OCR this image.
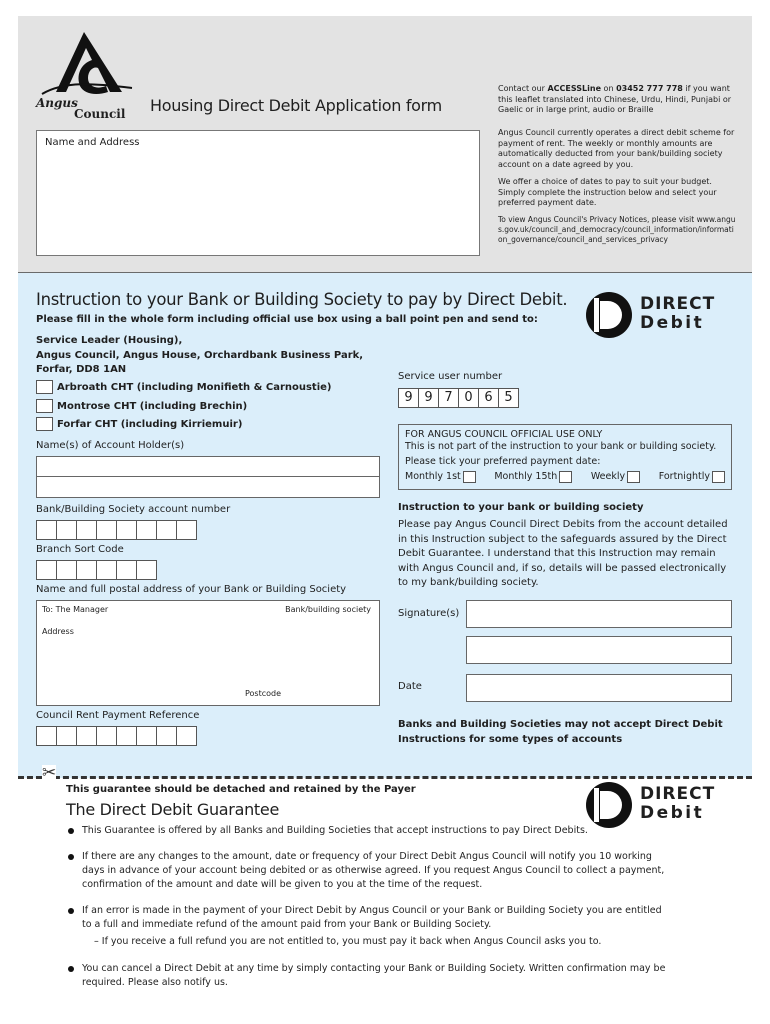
Angus
Council Housing Direct Debit Application form
Name and Address
Contact our ACCESSLine on 03452 777 778 if you want this leaflet translated into Chinese, Urdu, Hindi, Punjabi or Gaelic or in large print, audio or Braille
Angus Council currently operates a direct debit scheme for payment of rent. The weekly or monthly amounts are automatically deducted from your bank/building society account on a date agreed by you.
We offer a choice of dates to pay to suit your budget. Simply complete the instruction below and select your preferred payment date.
To view Angus Council's Privacy Notices, please visit www.angus.gov.uk/council_and_democracy/council_information/information_governance/council_and_services_privacy
Instruction to your Bank or Building Society to pay by Direct Debit.
Please fill in the whole form including official use box using a ball point pen and send to:
DIRECT
Debit
Service Leader (Housing),
Angus Council, Angus House, Orchardbank Business Park,
Forfar, DD8 1AN
Arbroath CHT (including Monifieth & Carnoustie)
Montrose CHT (including Brechin)
Forfar CHT (including Kirriemuir)
Name(s) of Account Holder(s)
Bank/Building Society account number
Branch Sort Code
Name and full postal address of your Bank or Building Society
To: The Manager	Bank/building society
Address
Postcode
Council Rent Payment Reference
Service user number
9 9 7 0 6 5
FOR ANGUS COUNCIL OFFICIAL USE ONLY
This is not part of the instruction to your bank or building society.
Please tick your preferred payment date:
Monthly 1st	Monthly 15th	Weekly	Fortnightly
Instruction to your bank or building society
Please pay Angus Council Direct Debits from the account detailed in this Instruction subject to the safeguards assured by the Direct Debit Guarantee. I understand that this Instruction may remain with Angus Council and, if so, details will be passed electronically to my bank/building society.
Signature(s)
Date
Banks and Building Societies may not accept Direct Debit Instructions for some types of accounts
✂
This guarantee should be detached and retained by the Payer
The Direct Debit Guarantee
DIRECT
Debit
This Guarantee is offered by all Banks and Building Societies that accept instructions to pay Direct Debits.
If there are any changes to the amount, date or frequency of your Direct Debit Angus Council will notify you 10 working days in advance of your account being debited or as otherwise agreed. If you request Angus Council to collect a payment, confirmation of the amount and date will be given to you at the time of the request.
If an error is made in the payment of your Direct Debit by Angus Council or your Bank or Building Society you are entitled to a full and immediate refund of the amount paid from your Bank or Building Society.
– If you receive a full refund you are not entitled to, you must pay it back when Angus Council asks you to.
You can cancel a Direct Debit at any time by simply contacting your Bank or Building Society. Written confirmation may be required. Please also notify us.
